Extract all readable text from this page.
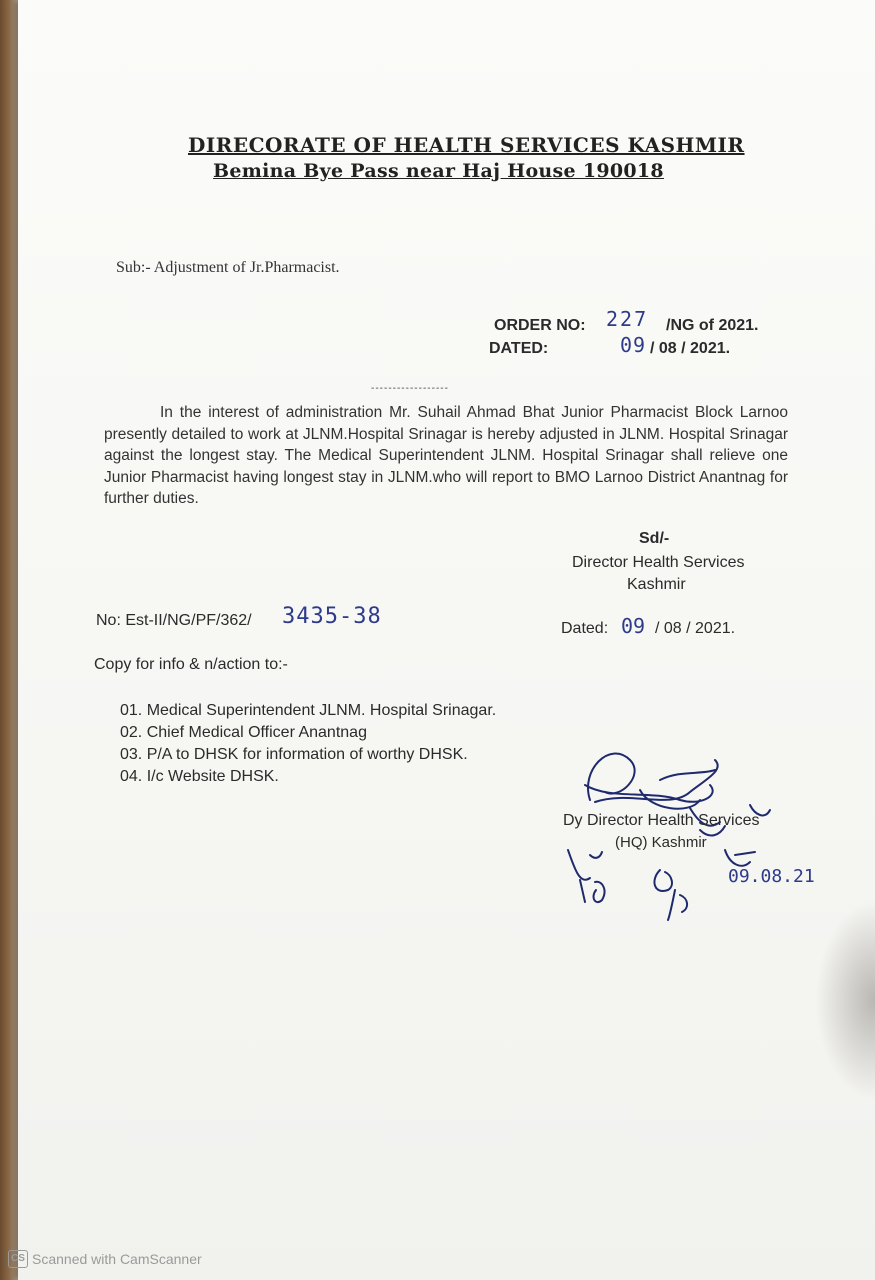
DIRECORATE OF HEALTH SERVICES KASHMIR
Bemina Bye Pass near Haj House 190018
Sub:- Adjustment of Jr.Pharmacist.
ORDER NO: 227 /NG of 2021.
DATED:	09 / 08 / 2021.
------------------
In the interest of administration Mr. Suhail Ahmad Bhat Junior Pharmacist Block Larnoo presently detailed to work at JLNM.Hospital Srinagar is hereby adjusted in JLNM. Hospital Srinagar against the longest stay. The Medical Superintendent JLNM. Hospital Srinagar shall relieve one Junior Pharmacist having longest stay in JLNM.who will report to BMO Larnoo District Anantnag for further duties.
Sd/-
Director Health Services
Kashmir
No: Est-II/NG/PF/362/ 3435-38	Dated: 09 / 08 / 2021.
Copy for info & n/action to:-
01. Medical Superintendent JLNM. Hospital Srinagar.
02. Chief Medical Officer Anantnag
03. P/A to DHSK for information of worthy DHSK.
04. I/c Website DHSK.
Dy Director Health Services
(HQ) Kashmir
09.08.21
CS Scanned with CamScanner
